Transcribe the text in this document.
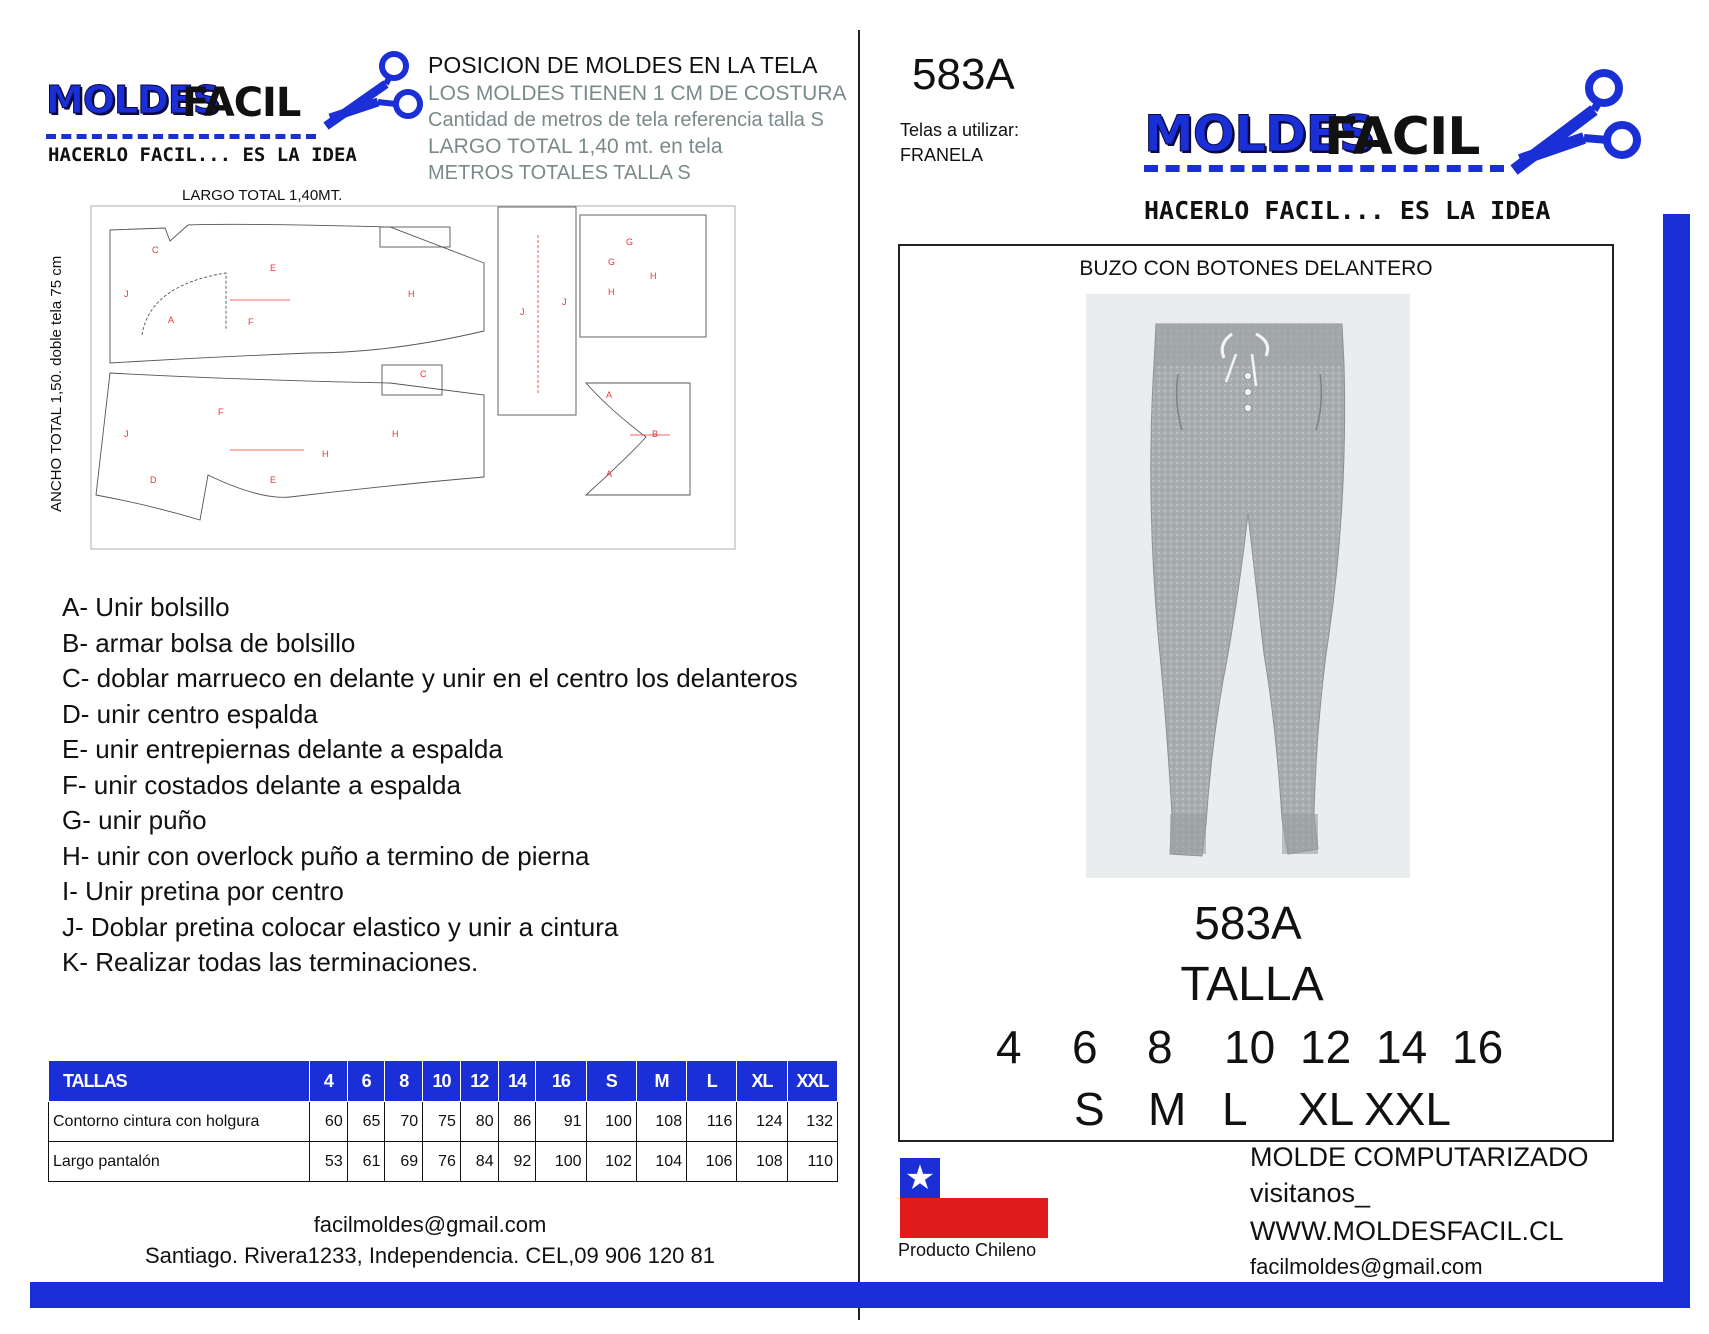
MOLDES
FACIL
HACERLO FACIL... ES LA IDEA
POSICION DE MOLDES EN LA TELA
LOS MOLDES TIENEN 1 CM DE COSTURA
Cantidad de metros de tela referencia talla S
LARGO TOTAL 1,40 mt. en tela
METROS TOTALES TALLA S
LARGO TOTAL 1,40MT.
ANCHO TOTAL 1,50. doble tela 75 cm
C
J
E
H
F
A
F
J
D	E
H
H
C
J
J
G
G
H
H
A
A
B
A- Unir bolsillo
B- armar bolsa de bolsillo
C- doblar marrueco en delante y unir en el centro los delanteros
D- unir centro espalda
E- unir entrepiernas delante a espalda
F- unir costados delante a espalda
G- unir puño
H- unir con overlock puño a termino de pierna
I- Unir pretina por centro
J- Doblar pretina colocar elastico y unir a cintura
K- Realizar todas las terminaciones.
TALLAS	4	6	8	10	12	14	16	S	M	L	XL	XXL
Contorno cintura con holgura	60	65	70	75	80	86	91	100	108	116	124	132
Largo pantalón	53	61	69	76	84	92	100	102	104	106	108	110
facilmoldes@gmail.com
Santiago. Rivera1233, Independencia. CEL,09 906 120 81
583A
Telas a utilizar:
FRANELA	MOLDES
FACIL
HACERLO FACIL... ES LA IDEA
BUZO CON BOTONES DELANTERO
583A
TALLA
4 6 8 10 12 14 16
S M L XL XXL
★
Producto Chileno
MOLDE COMPUTARIZADO
visitanos_
WWW.MOLDESFACIL.CL
facilmoldes@gmail.com
